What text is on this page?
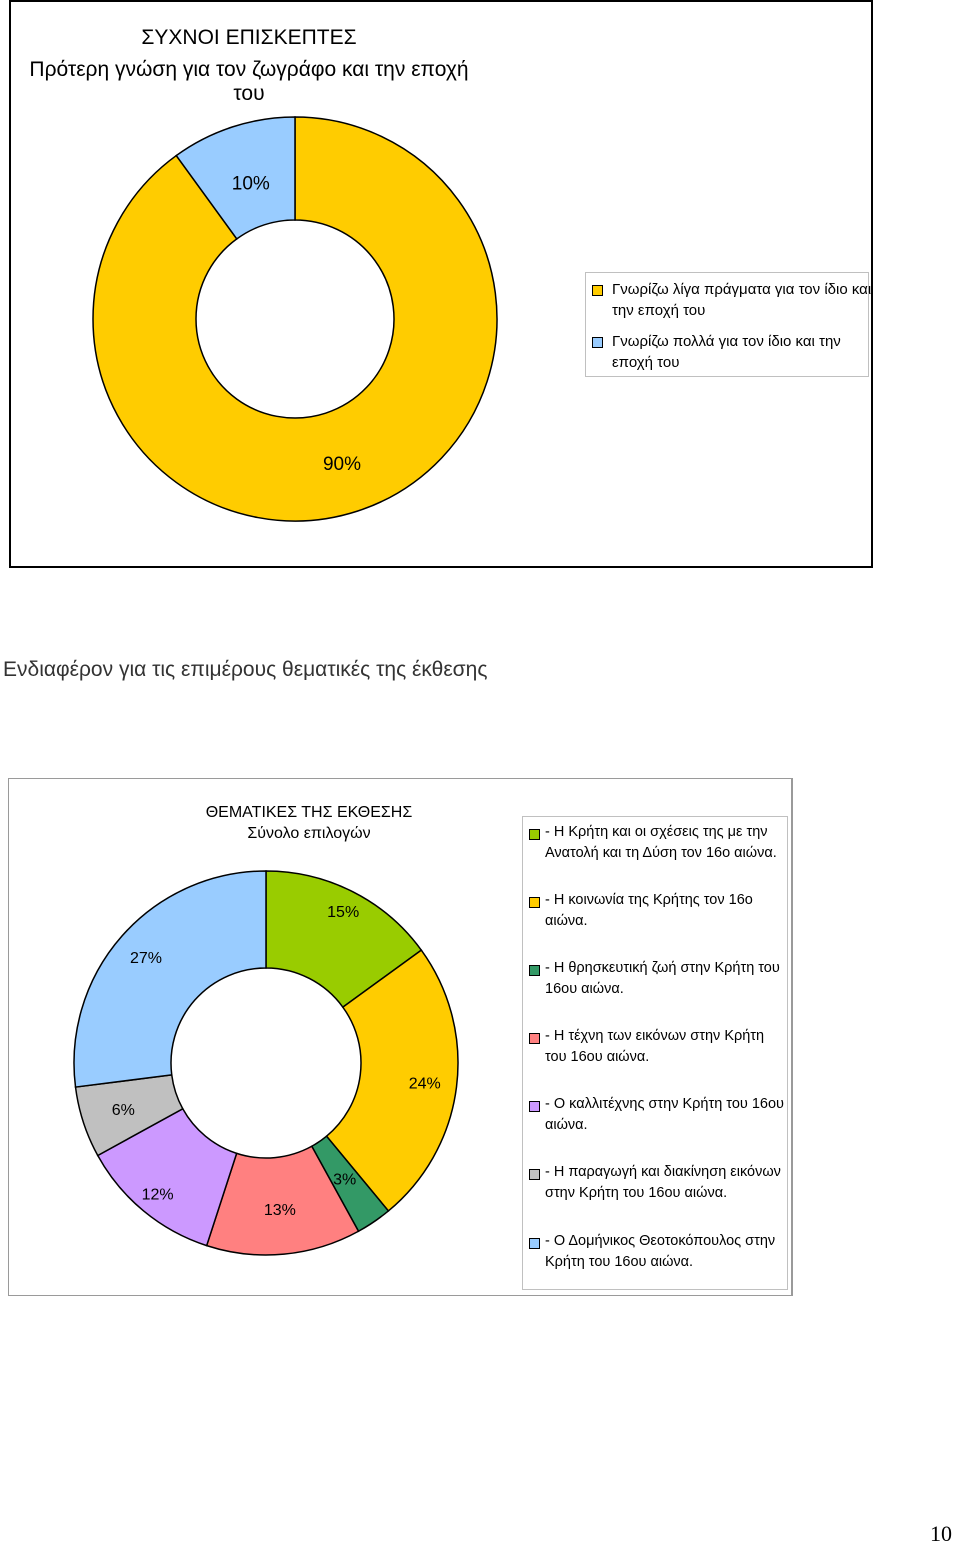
ΣΥΧΝΟΙ ΕΠΙΣΚΕΠΤΕΣ
Πρότερη γνώση για τον ζωγράφο και την εποχή του
90%
10%
Γνωρίζω λίγα πράγματα για τον ίδιο και την εποχή του
Γνωρίζω πολλά για τον ίδιο και την εποχή του
Ενδιαφέρον για τις επιμέρους θεματικές της έκθεσης
ΘΕΜΑΤΙΚΕΣ ΤΗΣ ΕΚΘΕΣΗΣ
Σύνολο επιλογών
15%
24%
3%
13%
12%
6%
27%
- Η Κρήτη και οι σχέσεις της με την Ανατολή και τη Δύση τον 16ο αιώνα.
- Η κοινωνία της Κρήτης τον 16ο αιώνα.
- Η θρησκευτική ζωή στην Κρήτη του 16ου αιώνα.
- Η τέχνη των εικόνων στην Κρήτη του 16ου αιώνα.
- Ο καλλιτέχνης στην Κρήτη του 16ου αιώνα.
- Η παραγωγή και διακίνηση εικόνων στην Κρήτη του 16ου αιώνα.
- Ο Δομήνικος Θεοτοκόπουλος στην Κρήτη του 16ου αιώνα.
10
